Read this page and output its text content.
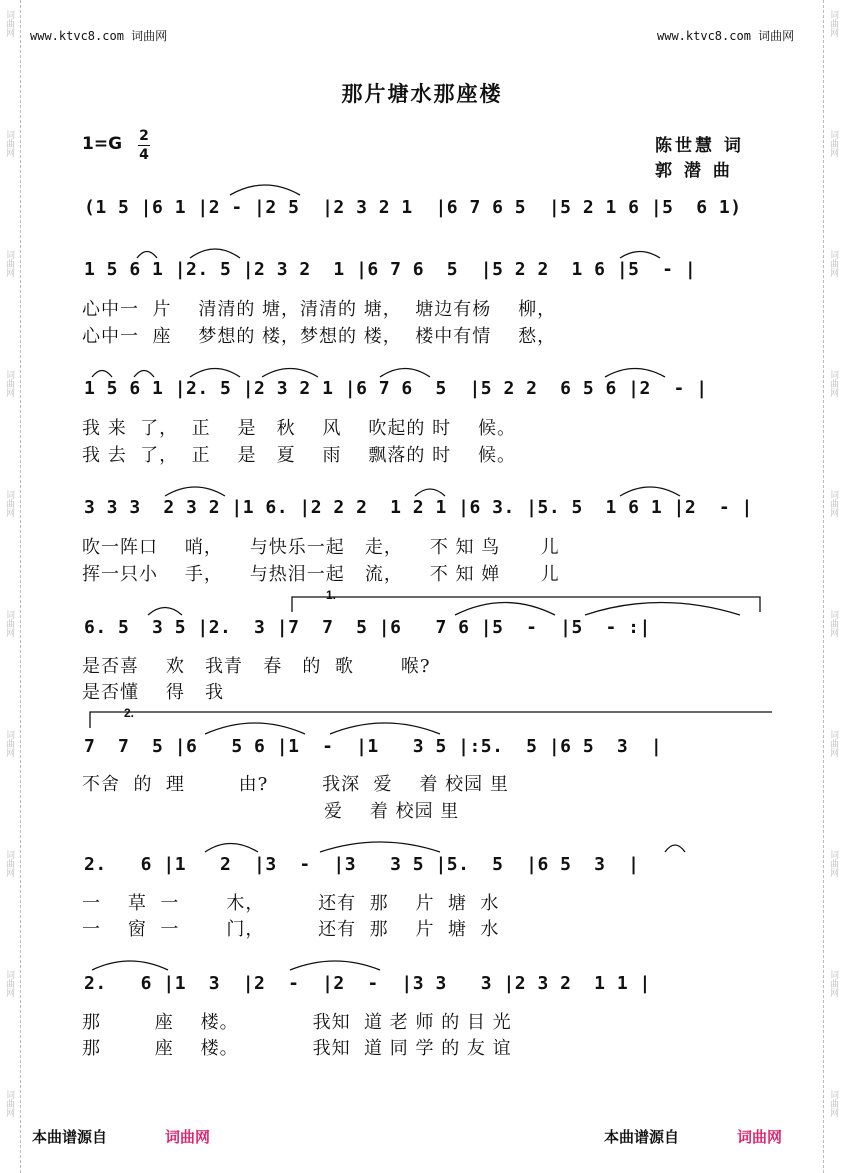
词曲网
词曲网
词曲网
词曲网
词曲网
词曲网
词曲网
词曲网
词曲网
词曲网
词曲网
词曲网
词曲网
词曲网
词曲网
词曲网
词曲网
词曲网
词曲网
词曲网
www.ktvc8.com 词曲网	www.ktvc8.com 词曲网
那片塘水那座楼
1=G 2
4	陈世慧 词
郭 潜 曲
(1 5 |6 1 |2 - |2 5  |2 3 2 1  |6 7 6 5  |5 2 1 6 |5  6 1)
1 5 6 1 |2. 5 |2 3 2  1 |6 7 6  5  |5 2 2  1 6 |5  - |
心中一  片    清清的 塘，清清的 塘，  塘边有杨    柳，
心中一  座    梦想的 楼，梦想的 楼，  楼中有情    愁，
1 5 6 1 |2. 5 |2 3 2 1 |6 7 6  5  |5 2 2  6 5 6 |2  - |
我 来  了，  正    是   秋    风    吹起的 时    候。
我 去  了，  正    是   夏    雨    飘落的 时    候。
3 3 3  2 3 2 |1 6. |2 2 2  1 2 1 |6 3. |5. 5  1 6 1 |2  - |
吹一阵口    哨，    与快乐一起   走，    不 知 鸟      儿
挥一只小    手，    与热泪一起   流，    不 知 婵      儿
6. 5  3 5 |2.  3 |7  7  5 |6   7 6 |5  -  |5  - :|
是否喜    欢   我青   春   的  歌       喉?
是否懂    得   我
7  7  5 |6   5 6 |1  -  |1   3 5 |:5.  5 |6 5  3  |
不舍  的  理        由?        我深  爱    着 校园 里
爱    着 校园 里
2.   6 |1   2  |3  -  |3   3 5 |5.  5  |6 5  3  |
一    草  一       木，        还有  那    片  塘  水
一    窗  一       门，        还有  那    片  塘  水
2.   6 |1  3  |2  -  |2  -  |3 3   3 |2 3 2  1 1 |
那        座    楼。           我知  道 老 师 的 目 光
那        座    楼。           我知  道 同 学 的 友 谊
1.
2.
本曲谱源自	词曲网	本曲谱源自	词曲网
